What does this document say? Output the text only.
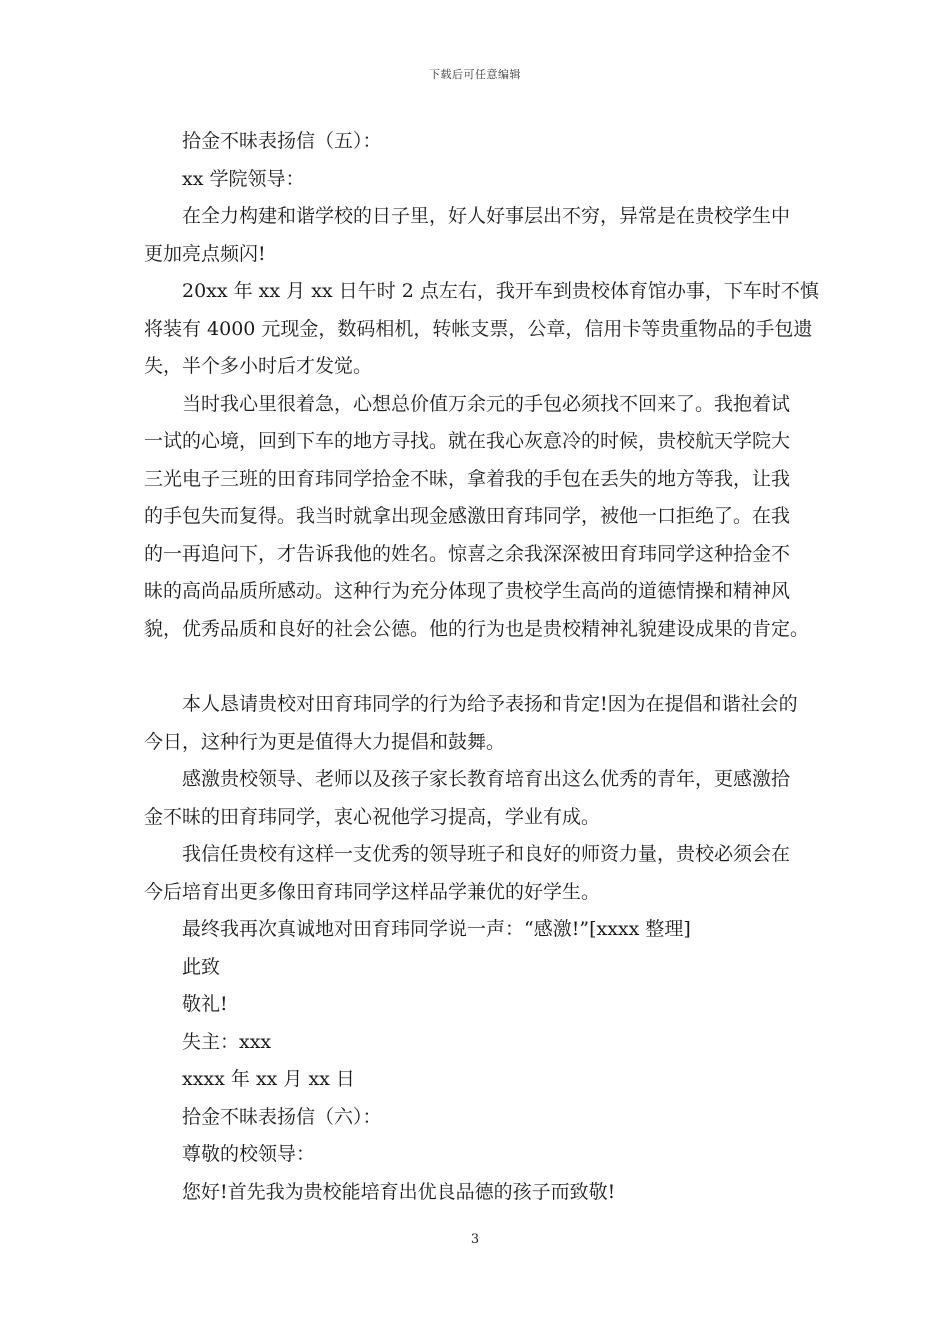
下载后可任意编辑
拾金不昧表扬信（五）：
xx 学院领导：
在全力构建和谐学校的日子里，好人好事层出不穷，异常是在贵校学生中
更加亮点频闪!
20xx 年 xx 月 xx 日午时 2 点左右，我开车到贵校体育馆办事，下车时不慎
将装有 4000 元现金，数码相机，转帐支票，公章，信用卡等贵重物品的手包遗
失，半个多小时后才发觉。
当时我心里很着急，心想总价值万余元的手包必须找不回来了。我抱着试
一试的心境，回到下车的地方寻找。就在我心灰意冷的时候，贵校航天学院大
三光电子三班的田育玮同学拾金不昧，拿着我的手包在丢失的地方等我，让我
的手包失而复得。我当时就拿出现金感激田育玮同学，被他一口拒绝了。在我
的一再追问下，才告诉我他的姓名。惊喜之余我深深被田育玮同学这种拾金不
昧的高尚品质所感动。这种行为充分体现了贵校学生高尚的道德情操和精神风
貌，优秀品质和良好的社会公德。他的行为也是贵校精神礼貌建设成果的肯定。
本人恳请贵校对田育玮同学的行为给予表扬和肯定!因为在提倡和谐社会的
今日，这种行为更是值得大力提倡和鼓舞。
感激贵校领导、老师以及孩子家长教育培育出这么优秀的青年，更感激拾
金不昧的田育玮同学，衷心祝他学习提高，学业有成。
我信任贵校有这样一支优秀的领导班子和良好的师资力量，贵校必须会在
今后培育出更多像田育玮同学这样品学兼优的好学生。
最终我再次真诚地对田育玮同学说一声：“感激!”[xxxx 整理]
此致
敬礼!
失主：xxx
xxxx 年 xx 月 xx 日
拾金不昧表扬信（六）：
尊敬的校领导：
您好!首先我为贵校能培育出优良品德的孩子而致敬!
3
